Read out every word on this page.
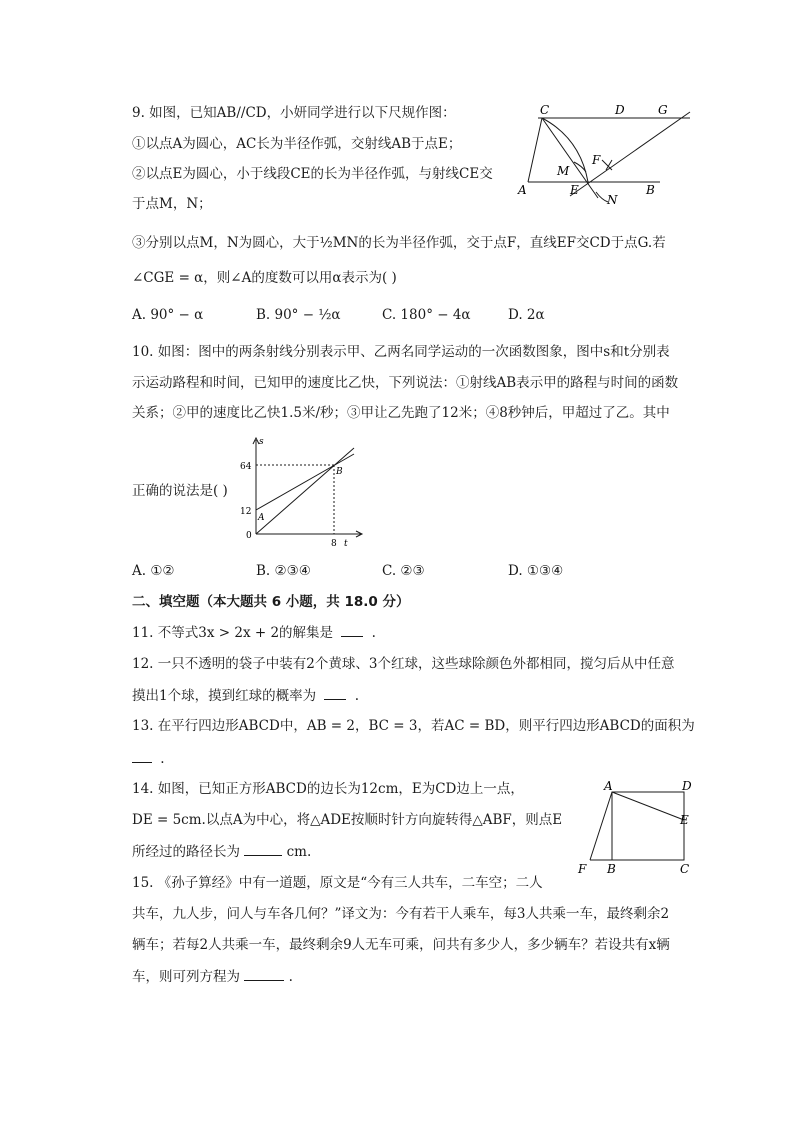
9. 如图，已知AB//CD，小妍同学进行以下尺规作图：
①以点A为圆心，AC长为半径作弧，交射线AB于点E；
②以点E为圆心，小于线段CE的长为半径作弧，与射线CE交
于点M，N；
③分别以点M，N为圆心，大于½MN的长为半径作弧，交于点F，直线EF交CD于点G.若
∠CGE = α，则∠A的度数可以用α表示为( )
A. 90° − α	B. 90° − ½α	C. 180° − 4α	D. 2α
C	D	G
F
M
A	E	B
N
10. 如图：图中的两条射线分别表示甲、乙两名同学运动的一次函数图象，图中s和t分别表
示运动路程和时间，已知甲的速度比乙快，下列说法：①射线AB表示甲的路程与时间的函数
关系；②甲的速度比乙快1.5米/秒；③甲让乙先跑了12米；④8秒钟后，甲超过了乙。其中
正确的说法是( )
s
t
64
12
0
8
A
B
A. ①②	B. ②③④	C. ②③	D. ①③④
二、填空题（本大题共 6 小题，共 18.0 分）
11. 不等式3x > 2x + 2的解集是	.
12. 一只不透明的袋子中装有2个黄球、3个红球，这些球除颜色外都相同，搅匀后从中任意
摸出1个球，摸到红球的概率为	.
13. 在平行四边形ABCD中，AB = 2，BC = 3，若AC = BD，则平行四边形ABCD的面积为
.
14. 如图，已知正方形ABCD的边长为12cm，E为CD边上一点，
DE = 5cm.以点A为中心，将△ADE按顺时针方向旋转得△ABF，则点E
所经过的路径长为	cm.
A	D
E
F B	C
15. 《孙子算经》中有一道题，原文是“今有三人共车，二车空；二人
共车，九人步，问人与车各几何？”译文为：今有若干人乘车，每3人共乘一车，最终剩余2
辆车；若每2人共乘一车，最终剩余9人无车可乘，问共有多少人，多少辆车？若设共有x辆
车，则可列方程为	.
